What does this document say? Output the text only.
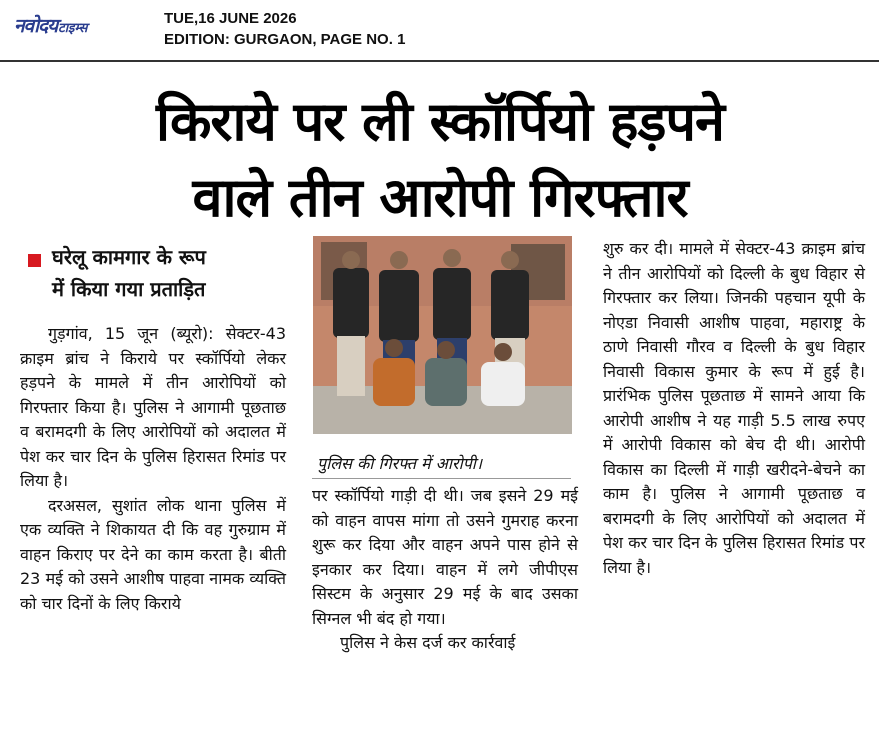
नवोदय टाइम्स
TUE,16 JUNE 2026
EDITION: GURGAON, PAGE NO. 1
किराये पर ली स्कॉर्पियो हड़पने
वाले तीन आरोपी गिरफ्तार
घरेलू कामगार के रूप
में किया गया प्रताड़ित

गुड़गांव, 15 जून (ब्यूरो): सेक्टर-43 क्राइम ब्रांच ने किराये पर स्कॉर्पियो लेकर हड़पने के मामले में तीन आरोपियों को गिरफ्तार किया है। पुलिस ने आगामी पूछताछ व बरामदगी के लिए आरोपियों को अदालत में पेश कर चार दिन के पुलिस हिरासत रिमांड पर लिया है।

दरअसल, सुशांत लोक थाना पुलिस में एक व्यक्ति ने शिकायत दी कि वह गुरुग्राम में वाहन किराए पर देने का काम करता है। बीती 23 मई को उसने आशीष पाहवा नामक व्यक्ति को चार दिनों के लिए किराये

पुलिस की गिरफ्त में आरोपी।

पर स्कॉर्पियो गाड़ी दी थी। जब इसने 29 मई को वाहन वापस मांगा तो उसने गुमराह करना शुरू कर दिया और वाहन अपने पास होने से इनकार कर दिया। वाहन में लगे जीपीएस सिस्टम के अनुसार 29 मई के बाद उसका सिग्नल भी बंद हो गया।

पुलिस ने केस दर्ज कर कार्रवाई

शुरु कर दी। मामले में सेक्टर-43 क्राइम ब्रांच ने तीन आरोपियों को दिल्ली के बुध विहार से गिरफ्तार कर लिया। जिनकी पहचान यूपी के नोएडा निवासी आशीष पाहवा, महाराष्ट्र के ठाणे निवासी गौरव व दिल्ली के बुध विहार निवासी विकास कुमार के रूप में हुई है। प्रारंभिक पुलिस पूछताछ में सामने आया कि आरोपी आशीष ने यह गाड़ी 5.5 लाख रुपए में आरोपी विकास को बेच दी थी। आरोपी विकास का दिल्ली में गाड़ी खरीदने-बेचने का काम है। पुलिस ने आगामी पूछताछ व बरामदगी के लिए आरोपियों को अदालत में पेश कर चार दिन के पुलिस हिरासत रिमांड पर लिया है।
